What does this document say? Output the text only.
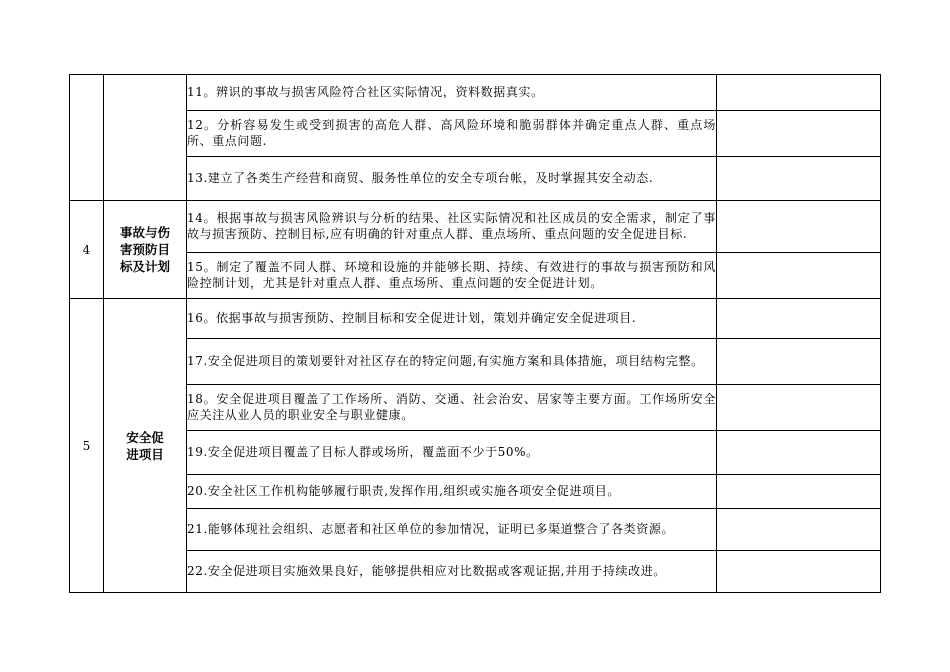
		11。辨识的事故与损害风险符合社区实际情况，资料数据真实。	
		12。分析容易发生或受到损害的高危人群、高风险环境和脆弱群体并确定重点人群、重点场所、重点问题.	
		13.建立了各类生产经营和商贸、服务性单位的安全专项台帐，及时掌握其安全动态.	
4	事故与伤害预防目标及计划	14。根据事故与损害风险辨识与分析的结果、社区实际情况和社区成员的安全需求，制定了事故与损害预防、控制目标,应有明确的针对重点人群、重点场所、重点问题的安全促进目标.	
		15。制定了覆盖不同人群、环境和设施的并能够长期、持续、有效进行的事故与损害预防和风险控制计划，尤其是针对重点人群、重点场所、重点问题的安全促进计划。	
5	安全促进项目	16。依据事故与损害预防、控制目标和安全促进计划，策划并确定安全促进项目.	
		17.安全促进项目的策划要针对社区存在的特定问题,有实施方案和具体措施，项目结构完整。	
		18。安全促进项目覆盖了工作场所、消防、交通、社会治安、居家等主要方面。工作场所安全应关注从业人员的职业安全与职业健康。	
		19.安全促进项目覆盖了目标人群或场所，覆盖面不少于50%。	
		20.安全社区工作机构能够履行职责,发挥作用,组织或实施各项安全促进项目。	
		21.能够体现社会组织、志愿者和社区单位的参加情况，证明已多渠道整合了各类资源。	
		22.安全促进项目实施效果良好，能够提供相应对比数据或客观证据,并用于持续改进。	
